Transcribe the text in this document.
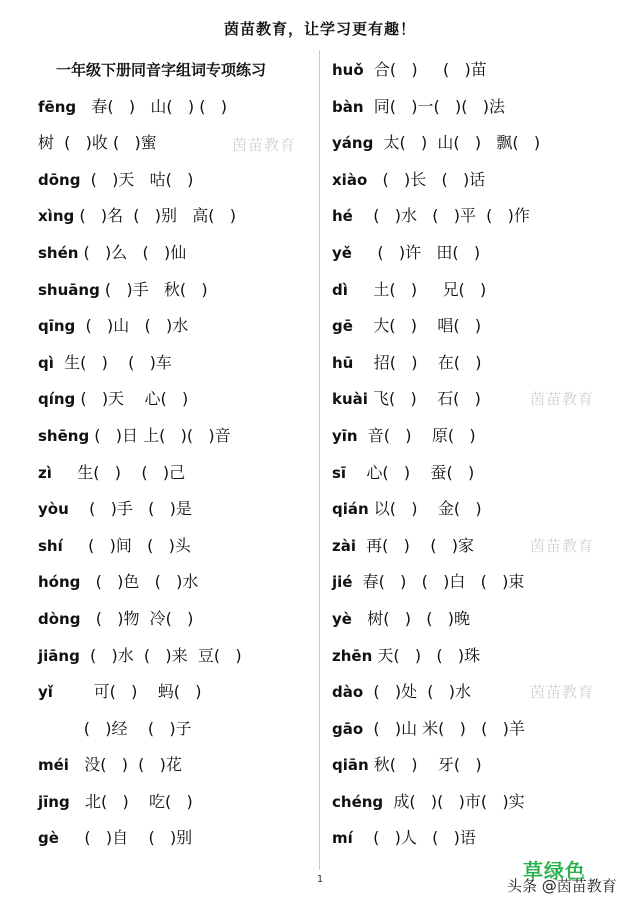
茵苗教育，让学习更有趣！
一年级下册同音字组词专项练习
fēng   春(   )   山(   ) (   )
树  (   )收 (   )蜜
dōng  (   )天   咕(   )
xìng (   )名  (   )别   高(   )
shén (   )么   (   )仙
shuāng (   )手   秋(   )
qīng  (   )山   (   )水
qì  生(   )    (   )车
qíng (   )天    心(   )
shēng (   )日 上(   )(   )音
zì     生(   )    (   )己
yòu    (   )手   (   )是
shí     (   )间   (   )头
hóng   (   )色   (   )水
dòng   (   )物  冷(   )
jiāng  (   )水  (   )来  豆(   )
yǐ        可(   )    蚂(   )
(   )经    (   )子
méi   没(   )  (   )花
jīng   北(   )    吃(   )
gè     (   )自    (   )别
huǒ  合(   )     (   )苗
bàn  同(   )一(   )(   )法
yáng  太(   )  山(   )   飘(   )
xiào   (   )长   (   )话
hé    (   )水   (   )平  (   )作
yě     (   )许   田(   )
dì     土(   )     兄(   )
gē    大(   )    唱(   )
hū    招(   )    在(   )
kuài 飞(   )    石(   )
yīn  音(   )    原(   )
sī    心(   )    蚕(   )
qián 以(   )    金(   )
zài  再(   )    (   )家
jié  春(   )   (   )白   (   )束
yè   树(   )   (   )晚
zhēn 天(   )   (   )珠
dào  (   )处  (   )水
gāo  (   )山 米(   )   (   )羊
qiān 秋(   )    牙(   )
chéng  成(   )(   )市(   )实
mí    (   )人   (   )语
茵苗教育
茵苗教育
茵苗教育
茵苗教育
1	草绿色
头条 @茵苗教育
